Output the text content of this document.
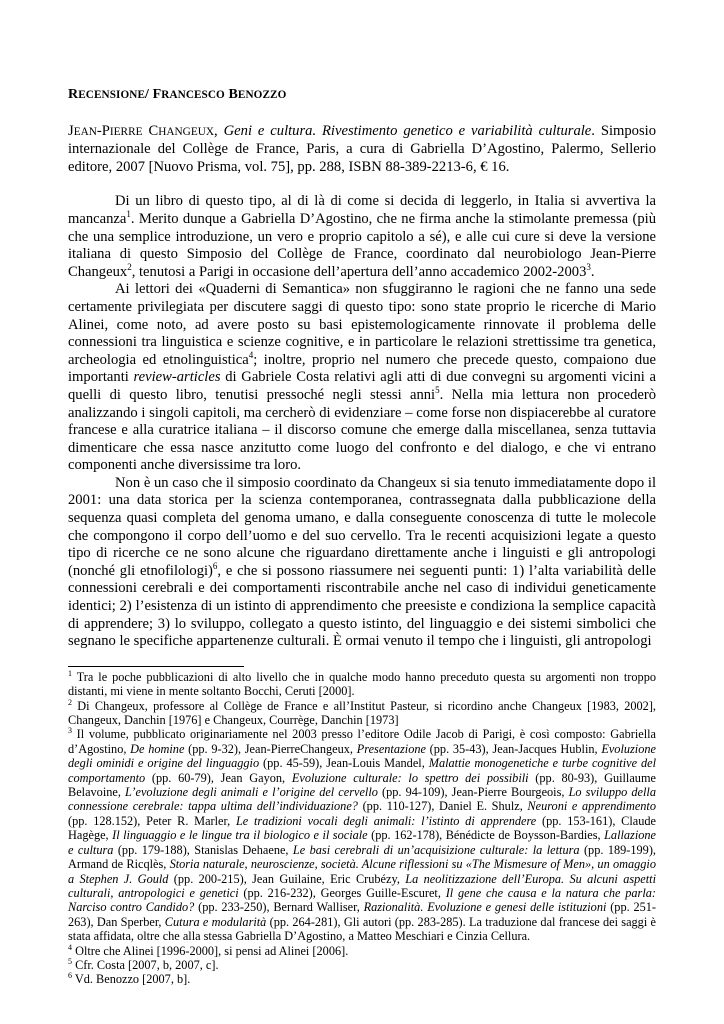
RECENSIONE/ FRANCESCO BENOZZO
JEAN-PIERRE CHANGEUX, Geni e cultura. Rivestimento genetico e variabilità culturale. Simposio internazionale del Collège de France, Paris, a cura di Gabriella D’Agostino, Palermo, Sellerio editore, 2007 [Nuovo Prisma, vol. 75], pp. 288, ISBN 88-389-2213-6, € 16.

Di un libro di questo tipo, al di là di come si decida di leggerlo, in Italia si avvertiva la mancanza$^1$. Merito dunque a Gabriella D’Agostino, che ne firma anche la stimolante premessa (più che una semplice introduzione, un vero e proprio capitolo a sé), e alle cui cure si deve la versione italiana di questo Simposio del Collège de France, coordinato dal neurobiologo Jean-Pierre Changeux$^2$, tenutosi a Parigi in occasione dell’apertura dell’anno accademico 2002-2003$^3$.

Ai lettori dei «Quaderni di Semantica» non sfuggiranno le ragioni che ne fanno una sede certamente privilegiata per discutere saggi di questo tipo: sono state proprio le ricerche di Mario Alinei, come noto, ad avere posto su basi epistemologicamente rinnovate il problema delle connessioni tra linguistica e scienze cognitive, e in particolare le relazioni strettissime tra genetica, archeologia ed etnolinguistica$^4$; inoltre, proprio nel numero che precede questo, compaiono due importanti review-articles di Gabriele Costa relativi agli atti di due convegni su argomenti vicini a quelli di questo libro, tenutisi pressoché negli stessi anni$^5$. Nella mia lettura non procederò analizzando i singoli capitoli, ma cercherò di evidenziare – come forse non dispiacerebbe al curatore francese e alla curatrice italiana – il discorso comune che emerge dalla miscellanea, senza tuttavia dimenticare che essa nasce anzitutto come luogo del confronto e del dialogo, e che vi entrano componenti anche diversissime tra loro.

Non è un caso che il simposio coordinato da Changeux si sia tenuto immediatamente dopo il 2001: una data storica per la scienza contemporanea, contrassegnata dalla pubblicazione della sequenza quasi completa del genoma umano, e dalla conseguente conoscenza di tutte le molecole che compongono il corpo dell’uomo e del suo cervello. Tra le recenti acquisizioni legate a questo tipo di ricerche ce ne sono alcune che riguardano direttamente anche i linguisti e gli antropologi (nonché gli etnofilologi)$^6$, e che si possono riassumere nei seguenti punti: 1) l’alta variabilità delle connessioni cerebrali e dei comportamenti riscontrabile anche nel caso di individui geneticamente identici; 2) l’esistenza di un istinto di apprendimento che preesiste e condiziona la semplice capacità di apprendere; 3) lo sviluppo, collegato a questo istinto, del linguaggio e dei sistemi simbolici che segnano le specifiche appartenenze culturali. È ormai venuto il tempo che i linguisti, gli antropologi

$^1$ Tra le poche pubblicazioni di alto livello che in qualche modo hanno preceduto questa su argomenti non troppo distanti, mi viene in mente soltanto Bocchi, Ceruti [2000].

$^2$ Di Changeux, professore al Collège de France e all’Institut Pasteur, si ricordino anche Changeux [1983, 2002], Changeux, Danchin [1976] e Changeux, Courrège, Danchin [1973]

$^3$ Il volume, pubblicato originariamente nel 2003 presso l’editore Odile Jacob di Parigi, è così composto: Gabriella d’Agostino, De homine (pp. 9-32), Jean-PierreChangeux, Presentazione (pp. 35-43), Jean-Jacques Hublin, Evoluzione degli ominidi e origine del linguaggio (pp. 45-59), Jean-Louis Mandel, Malattie monogenetiche e turbe cognitive del comportamento (pp. 60-79), Jean Gayon, Evoluzione culturale: lo spettro dei possibili (pp. 80-93), Guillaume Belavoine, L’evoluzione degli animali e l’origine del cervello (pp. 94-109), Jean-Pierre Bourgeois, Lo sviluppo della connessione cerebrale: tappa ultima dell’individuazione? (pp. 110-127), Daniel E. Shulz, Neuroni e apprendimento (pp. 128.152), Peter R. Marler, Le tradizioni vocali degli animali: l’istinto di apprendere (pp. 153-161), Claude Hagège, Il linguaggio e le lingue tra il biologico e il sociale (pp. 162-178), Bénédicte de Boysson-Bardies, Lallazione e cultura (pp. 179-188), Stanislas Dehaene, Le basi cerebrali di un’acquisizione culturale: la lettura (pp. 189-199), Armand de Ricqlès, Storia naturale, neuroscienze, società. Alcune riflessioni su «The Mismesure of Men», un omaggio a Stephen J. Gould (pp. 200-215), Jean Guilaine, Eric Crubézy, La neolitizzazione dell’Europa. Su alcuni aspetti culturali, antropologici e genetici (pp. 216-232), Georges Guille-Escuret, Il gene che causa e la natura che parla: Narciso contro Candido? (pp. 233-250), Bernard Walliser, Razionalità. Evoluzione e genesi delle istituzioni (pp. 251-263), Dan Sperber, Cutura e modularità (pp. 264-281), Gli autori (pp. 283-285). La traduzione dal francese dei saggi è stata affidata, oltre che alla stessa Gabriella D’Agostino, a Matteo Meschiari e Cinzia Cellura.

$^4$ Oltre che Alinei [1996-2000], si pensi ad Alinei [2006].

$^5$ Cfr. Costa [2007, b, 2007, c].

$^6$ Vd. Benozzo [2007, b].
